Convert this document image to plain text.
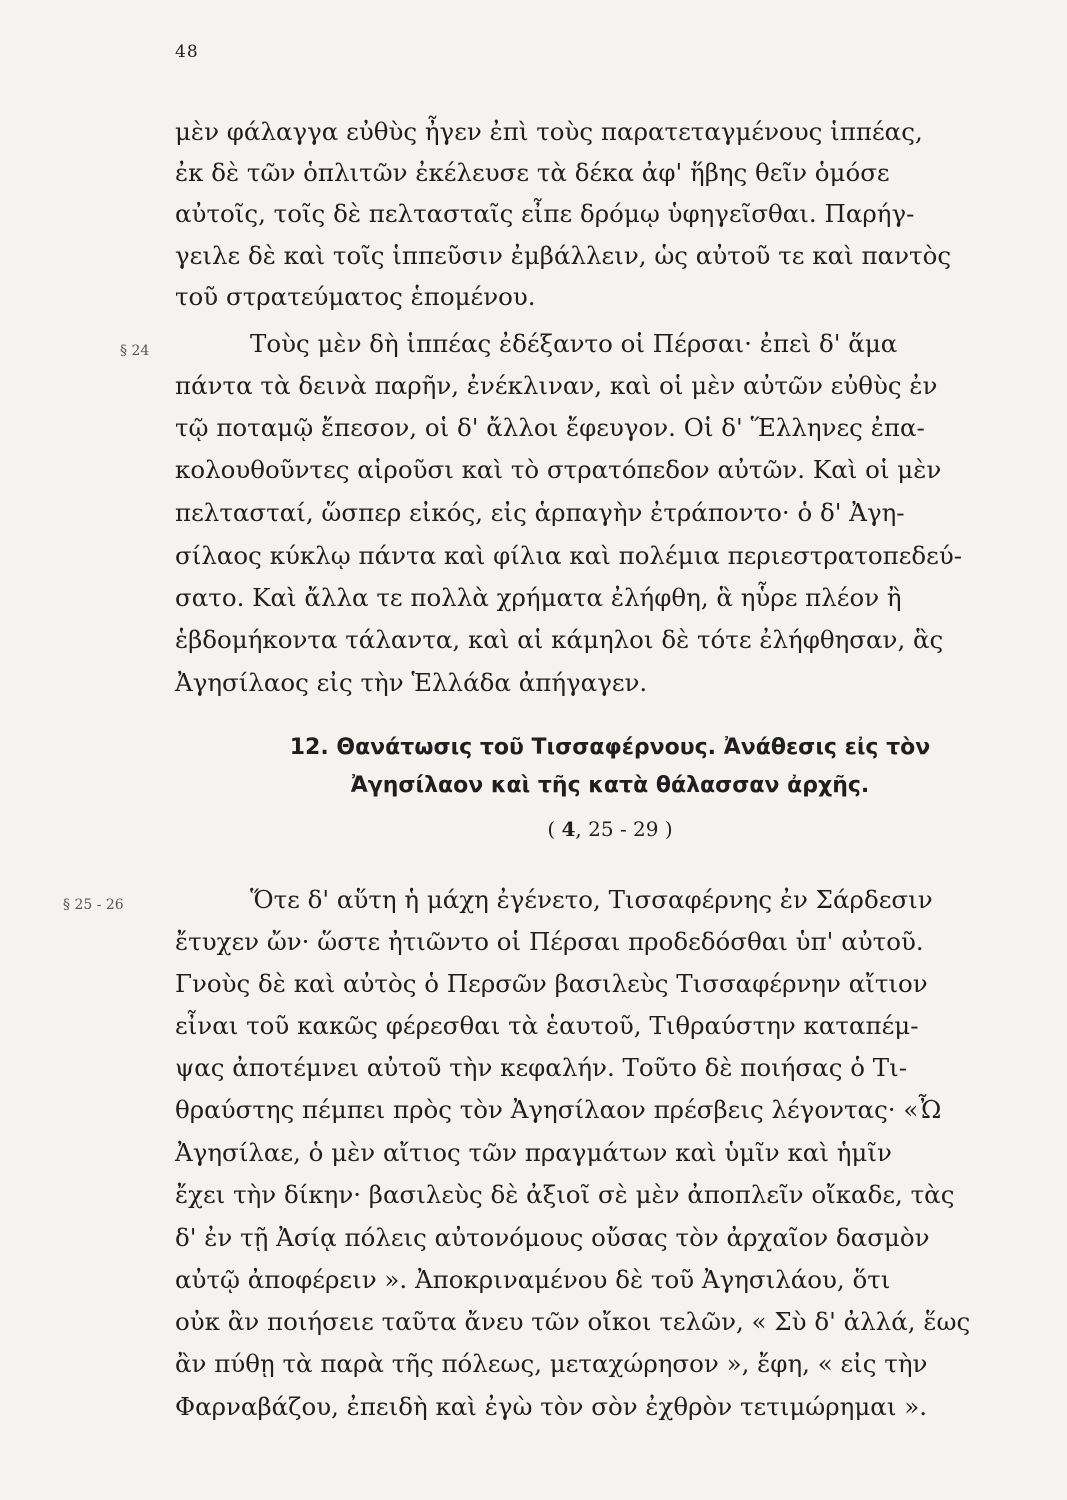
48
μὲν φάλαγγα εὐθὺς ἦγεν ἐπὶ τοὺς παρατεταγμένους ἱππέας,
ἐκ δὲ τῶν ὁπλιτῶν ἐκέλευσε τὰ δέκα ἀφ' ἥβης θεῖν ὁμόσε
αὐτοῖς, τοῖς δὲ πελτασταῖς εἶπε δρόμῳ ὑφηγεῖσθαι. Παρήγ-
γειλε δὲ καὶ τοῖς ἱππεῦσιν ἐμβάλλειν, ὡς αὐτοῦ τε καὶ παντὸς
τοῦ στρατεύματος ἑπομένου.
§ 24	Τοὺς μὲν δὴ ἱππέας ἐδέξαντο οἱ Πέρσαι· ἐπεὶ δ' ἅμα
πάντα τὰ δεινὰ παρῆν, ἐνέκλιναν, καὶ οἱ μὲν αὐτῶν εὐθὺς ἐν
τῷ ποταμῷ ἔπεσον, οἱ δ' ἄλλοι ἔφευγον. Οἱ δ' Ἕλληνες ἐπα-
κολουθοῦντες αἱροῦσι καὶ τὸ στρατόπεδον αὐτῶν. Καὶ οἱ μὲν
πελτασταί, ὥσπερ εἰκός, εἰς ἁρπαγὴν ἐτράποντο· ὁ δ' Ἀγη-
σίλαος κύκλῳ πάντα καὶ φίλια καὶ πολέμια περιεστρατοπεδεύ-
σατο. Καὶ ἄλλα τε πολλὰ χρήματα ἐλήφθη, ἃ ηὗρε πλέον ἢ
ἑβδομήκοντα τάλαντα, καὶ αἱ κάμηλοι δὲ τότε ἐλήφθησαν, ἃς
Ἀγησίλαος εἰς τὴν Ἑλλάδα ἀπήγαγεν.
12. Θανάτωσις τοῦ Τισσαφέρνους. Ἀνάθεσις εἰς τὸν
Ἀγησίλαον καὶ τῆς κατὰ θάλασσαν ἀρχῆς.
( 4, 25 - 29 )
§ 25 - 26	Ὅτε δ' αὕτη ἡ μάχη ἐγένετο, Τισσαφέρνης ἐν Σάρδεσιν
ἔτυχεν ὤν· ὥστε ἠτιῶντο οἱ Πέρσαι προδεδόσθαι ὑπ' αὐτοῦ.
Γνοὺς δὲ καὶ αὐτὸς ὁ Περσῶν βασιλεὺς Τισσαφέρνην αἴτιον
εἶναι τοῦ κακῶς φέρεσθαι τὰ ἑαυτοῦ, Τιθραύστην καταπέμ-
ψας ἀποτέμνει αὐτοῦ τὴν κεφαλήν. Τοῦτο δὲ ποιήσας ὁ Τι-
θραύστης πέμπει πρὸς τὸν Ἀγησίλαον πρέσβεις λέγοντας· «Ὦ
Ἀγησίλαε, ὁ μὲν αἴτιος τῶν πραγμάτων καὶ ὑμῖν καὶ ἡμῖν
ἔχει τὴν δίκην· βασιλεὺς δὲ ἀξιοῖ σὲ μὲν ἀποπλεῖν οἴκαδε, τὰς
δ' ἐν τῇ Ἀσίᾳ πόλεις αὐτονόμους οὔσας τὸν ἀρχαῖον δασμὸν
αὐτῷ ἀποφέρειν ». Ἀποκριναμένου δὲ τοῦ Ἀγησιλάου, ὅτι
οὐκ ἂν ποιήσειε ταῦτα ἄνευ τῶν οἴκοι τελῶν, « Σὺ δ' ἀλλά, ἕως
ἂν πύθῃ τὰ παρὰ τῆς πόλεως, μεταχώρησον », ἔφη, « εἰς τὴν
Φαρναβάζου, ἐπειδὴ καὶ ἐγὼ τὸν σὸν ἐχθρὸν τετιμώρημαι ».
